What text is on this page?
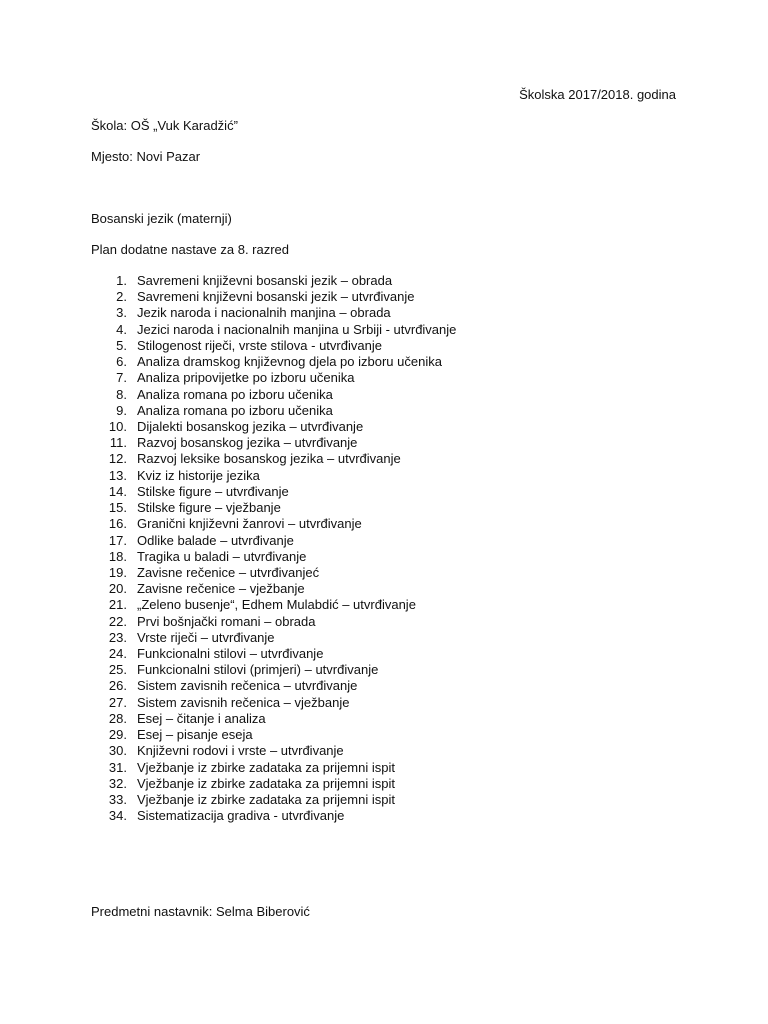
Školska 2017/2018. godina
Škola: OŠ „Vuk Karadžić”
Mjesto: Novi Pazar
Bosanski jezik (maternji)
Plan dodatne nastave za 8. razred
1. Savremeni književni bosanski jezik – obrada
2. Savremeni književni bosanski jezik – utvrđivanje
3. Jezik naroda i nacionalnih manjina – obrada
4. Jezici naroda i nacionalnih manjina u Srbiji - utvrđivanje
5. Stilogenost riječi, vrste stilova - utvrđivanje
6. Analiza dramskog književnog djela po izboru učenika
7. Analiza pripovijetke po izboru učenika
8. Analiza romana po izboru učenika
9. Analiza romana po izboru učenika
10. Dijalekti bosanskog jezika – utvrđivanje
11. Razvoj bosanskog jezika – utvrđivanje
12. Razvoj leksike bosanskog jezika – utvrđivanje
13. Kviz iz historije jezika
14. Stilske figure – utvrđivanje
15. Stilske figure – vježbanje
16. Granični književni žanrovi – utvrđivanje
17. Odlike balade – utvrđivanje
18. Tragika u baladi – utvrđivanje
19. Zavisne rečenice – utvrđivanjeć
20. Zavisne rečenice – vježbanje
21. „Zeleno busenje“, Edhem Mulabdić – utvrđivanje
22. Prvi bošnjački romani – obrada
23. Vrste riječi – utvrđivanje
24. Funkcionalni stilovi – utvrđivanje
25. Funkcionalni stilovi (primjeri) – utvrđivanje
26. Sistem zavisnih rečenica – utvrđivanje
27. Sistem zavisnih rečenica – vježbanje
28. Esej – čitanje i analiza
29. Esej – pisanje eseja
30. Književni rodovi i vrste – utvrđivanje
31. Vježbanje iz zbirke zadataka za prijemni ispit
32. Vježbanje iz zbirke zadataka za prijemni ispit
33. Vježbanje iz zbirke zadataka za prijemni ispit
34. Sistematizacija gradiva - utvrđivanje
Predmetni nastavnik: Selma Biberović
